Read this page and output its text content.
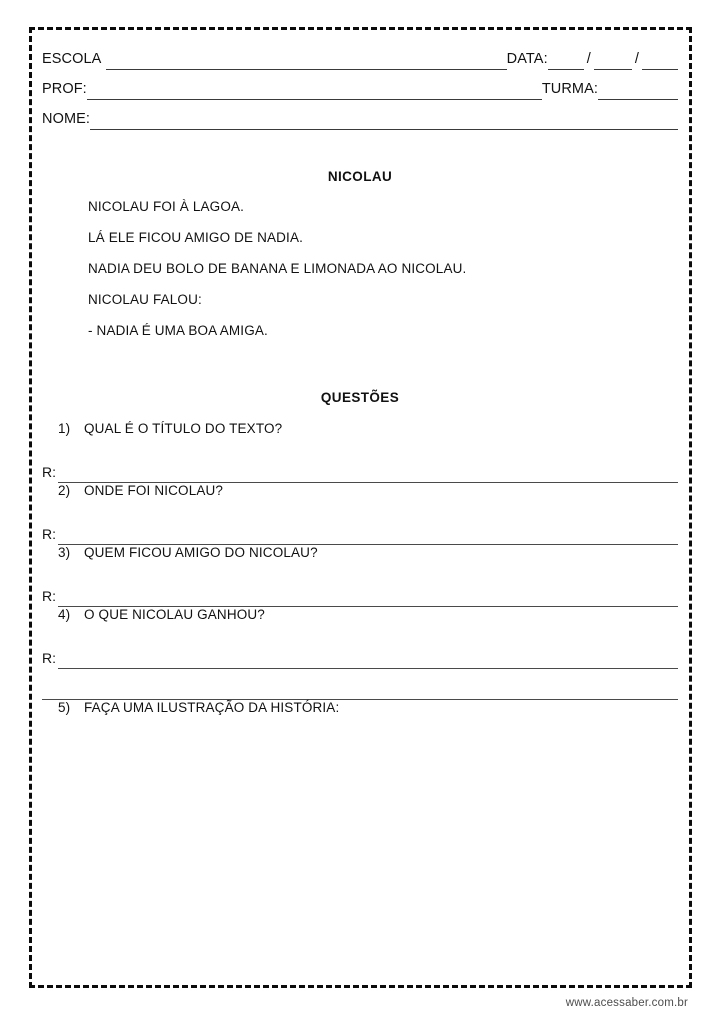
ESCOLA	DATA:	/	/
PROF:	TURMA:
NOME:
NICOLAU
NICOLAU FOI À LAGOA.
LÁ ELE FICOU AMIGO DE NADIA.
NADIA DEU BOLO DE BANANA E LIMONADA AO NICOLAU.
NICOLAU FALOU:
- NADIA É UMA BOA AMIGA.
QUESTÕES
1)	QUAL É O TÍTULO DO TEXTO?
R:
2)	ONDE FOI NICOLAU?
R:
3)	QUEM FICOU AMIGO DO NICOLAU?
R:
4)	O QUE NICOLAU GANHOU?
R:
5)	FAÇA UMA ILUSTRAÇÃO DA HISTÓRIA:
www.acessaber.com.br
